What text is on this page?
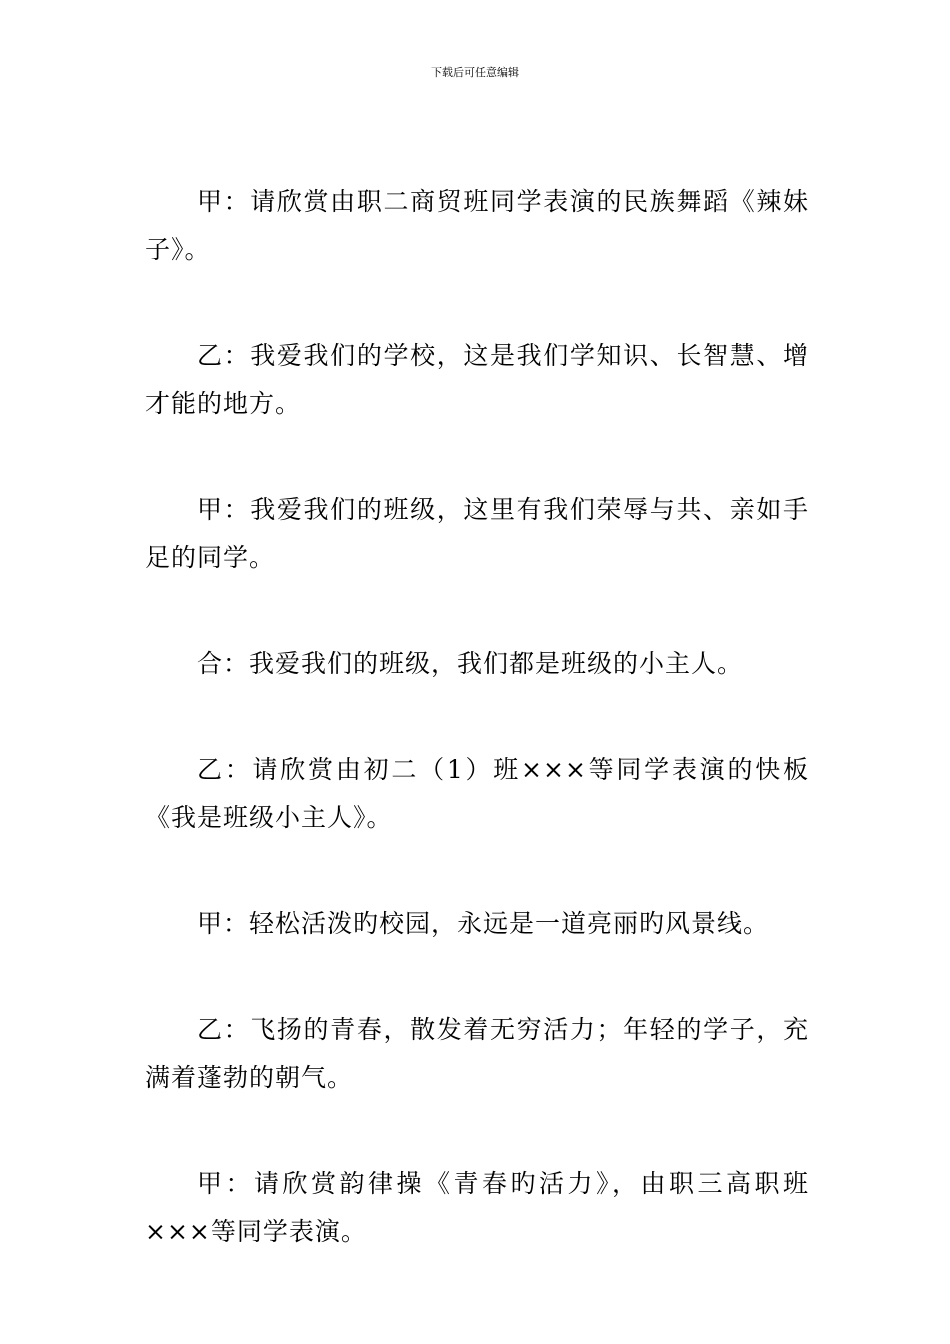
下载后可任意编辑

甲：请欣赏由职二商贸班同学表演的民族舞蹈《辣妹子》。

乙：我爱我们的学校，这是我们学知识、长智慧、增才能的地方。

甲：我爱我们的班级，这里有我们荣辱与共、亲如手足的同学。

合：我爱我们的班级，我们都是班级的小主人。

乙：请欣赏由初二（1）班×××等同学表演的快板《我是班级小主人》。

甲：轻松活泼旳校园，永远是一道亮丽旳风景线。

乙：飞扬的青春，散发着无穷活力；年轻的学子，充满着蓬勃的朝气。

甲：请欣赏韵律操《青春旳活力》，由职三高职班×××等同学表演。
